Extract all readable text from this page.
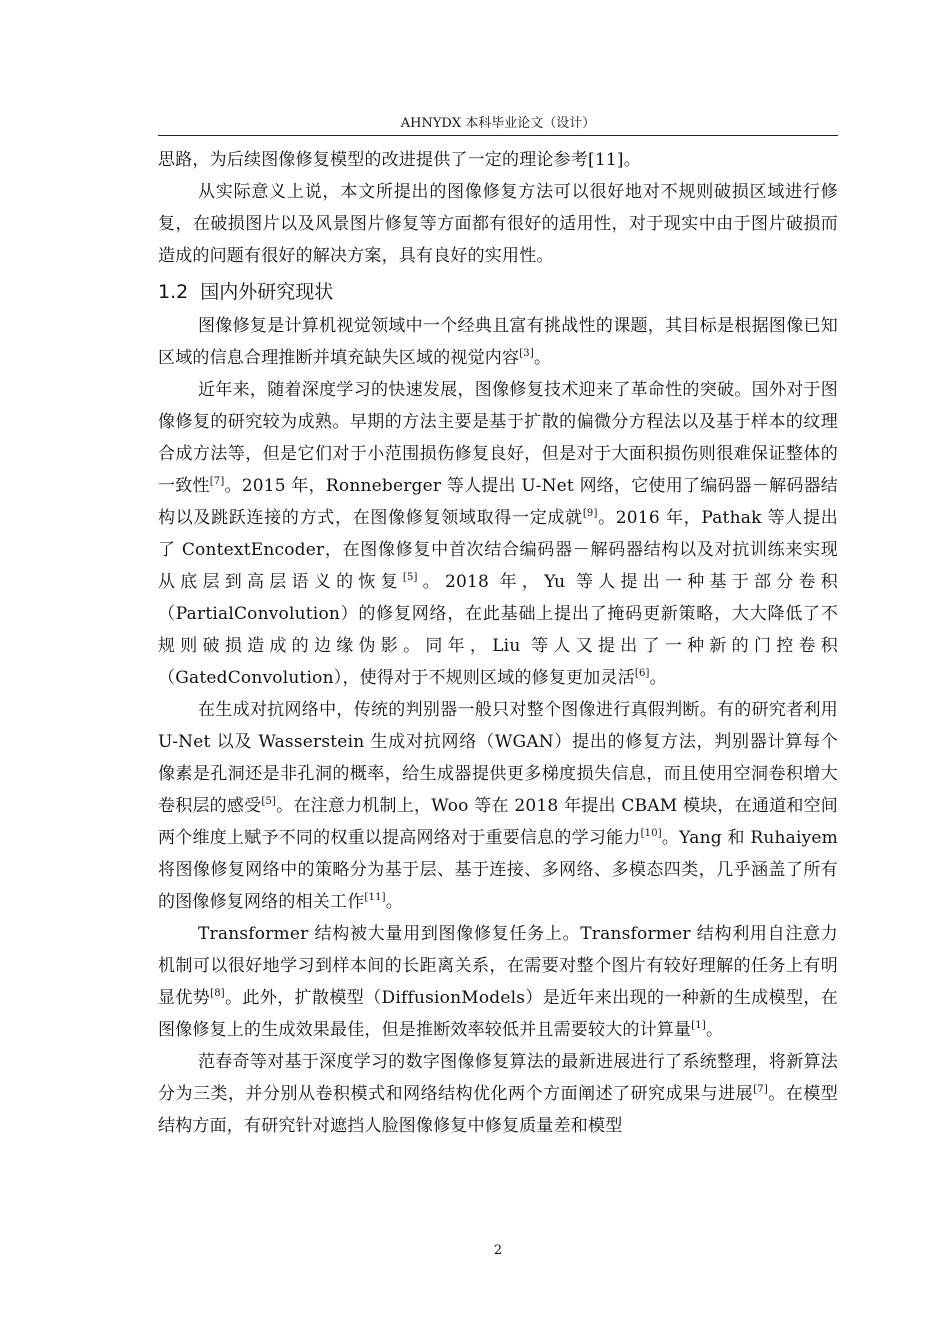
AHNYDX 本科毕业论文（设计）

思路，为后续图像修复模型的改进提供了一定的理论参考[11]。

从实际意义上说，本文所提出的图像修复方法可以很好地对不规则破损区域进行修复，在破损图片以及风景图片修复等方面都有很好的适用性，对于现实中由于图片破损而造成的问题有很好的解决方案，具有良好的实用性。

1.2 国内外研究现状

图像修复是计算机视觉领域中一个经典且富有挑战性的课题，其目标是根据图像已知区域的信息合理推断并填充缺失区域的视觉内容[3]。

近年来，随着深度学习的快速发展，图像修复技术迎来了革命性的突破。国外对于图像修复的研究较为成熟。早期的方法主要是基于扩散的偏微分方程法以及基于样本的纹理合成方法等，但是它们对于小范围损伤修复良好，但是对于大面积损伤则很难保证整体的一致性[7]。2015 年，Ronneberger 等人提出 U-Net 网络，它使用了编码器－解码器结构以及跳跃连接的方式，在图像修复领域取得一定成就[9]。2016 年，Pathak 等人提出了 ContextEncoder，在图像修复中首次结合编码器－解码器结构以及对抗训练来实现从底层到高层语义的恢复[5]。2018 年，Yu 等人提出一种基于部分卷积（PartialConvolution）的修复网络，在此基础上提出了掩码更新策略，大大降低了不规则破损造成的边缘伪影。同年，Liu 等人又提出了一种新的门控卷积（GatedConvolution），使得对于不规则区域的修复更加灵活[6]。

在生成对抗网络中，传统的判别器一般只对整个图像进行真假判断。有的研究者利用 U-Net 以及 Wasserstein 生成对抗网络（WGAN）提出的修复方法，判别器计算每个像素是孔洞还是非孔洞的概率，给生成器提供更多梯度损失信息，而且使用空洞卷积增大卷积层的感受[5]。在注意力机制上，Woo 等在 2018 年提出 CBAM 模块，在通道和空间两个维度上赋予不同的权重以提高网络对于重要信息的学习能力[10]。Yang 和 Ruhaiyem 将图像修复网络中的策略分为基于层、基于连接、多网络、多模态四类，几乎涵盖了所有的图像修复网络的相关工作[11]。

Transformer 结构被大量用到图像修复任务上。Transformer 结构利用自注意力机制可以很好地学习到样本间的长距离关系，在需要对整个图片有较好理解的任务上有明显优势[8]。此外，扩散模型（DiffusionModels）是近年来出现的一种新的生成模型，在图像修复上的生成效果最佳，但是推断效率较低并且需要较大的计算量[1]。

范春奇等对基于深度学习的数字图像修复算法的最新进展进行了系统整理，将新算法分为三类，并分别从卷积模式和网络结构优化两个方面阐述了研究成果与进展[7]。在模型结构方面，有研究针对遮挡人脸图像修复中修复质量差和模型

2
